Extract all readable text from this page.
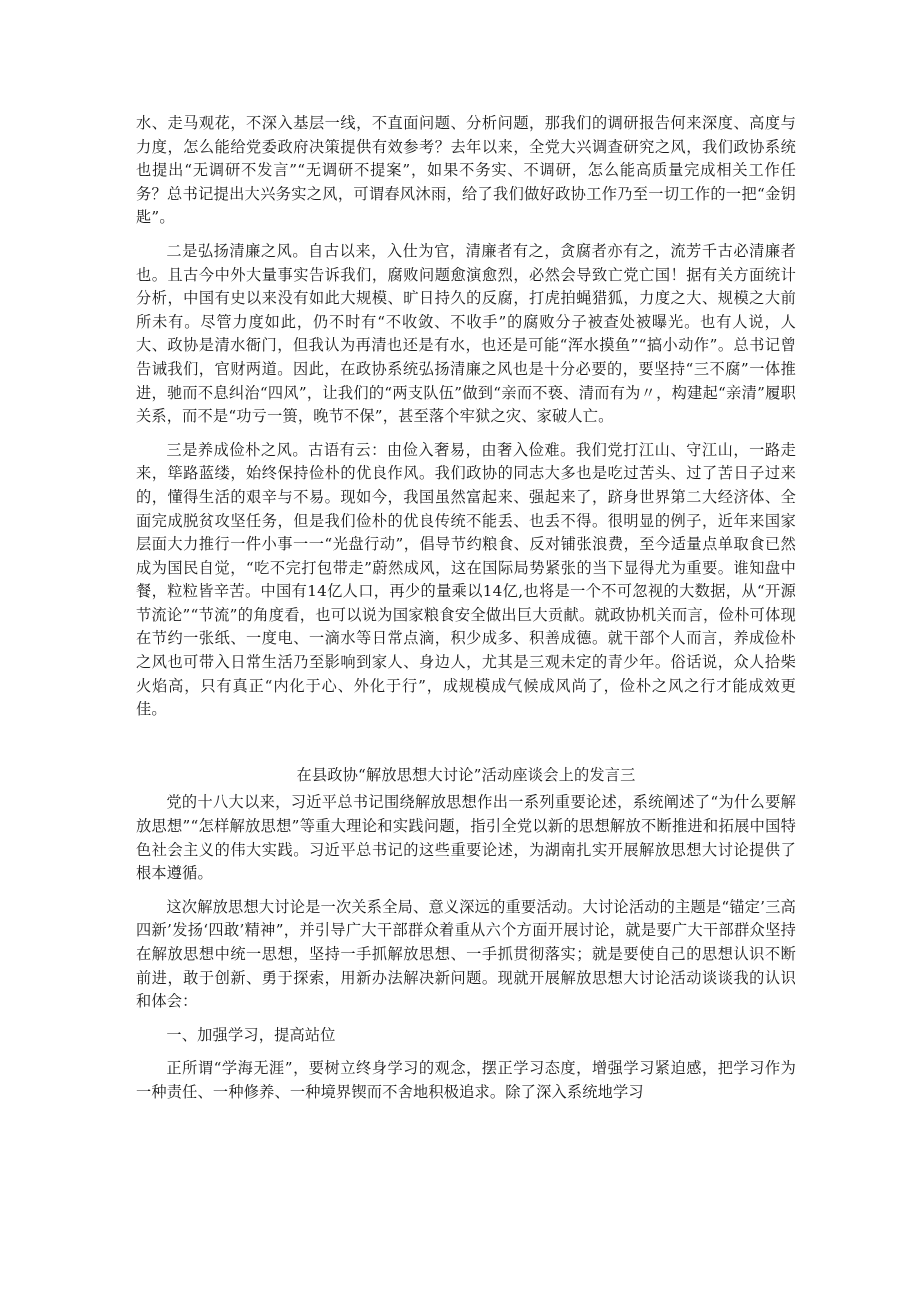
水、走马观花，不深入基层一线，不直面问题、分析问题，那我们的调研报告何来深度、高度与力度，怎么能给党委政府决策提供有效参考？去年以来，全党大兴调查研究之风，我们政协系统也提出“无调研不发言”“无调研不提案”，如果不务实、不调研，怎么能高质量完成相关工作任务？总书记提出大兴务实之风，可谓春风沐雨，给了我们做好政协工作乃至一切工作的一把“金钥匙”。

二是弘扬清廉之风。自古以来，入仕为官，清廉者有之，贪腐者亦有之，流芳千古必清廉者也。且古今中外大量事实告诉我们，腐败问题愈演愈烈，必然会导致亡党亡国！据有关方面统计分析，中国有史以来没有如此大规模、旷日持久的反腐，打虎拍蝇猎狐，力度之大、规模之大前所未有。尽管力度如此，仍不时有“不收敛、不收手”的腐败分子被查处被曝光。也有人说，人大、政协是清水衙门，但我认为再清也还是有水，也还是可能“浑水摸鱼”“搞小动作”。总书记曾告诫我们，官财两道。因此，在政协系统弘扬清廉之风也是十分必要的，要坚持“三不腐”一体推进，驰而不息纠治“四风”，让我们的“两支队伍”做到“亲而不亵、清而有为〃，构建起“亲清”履职关系，而不是“功亏一篑，晚节不保”，甚至落个牢狱之灾、家破人亡。

三是养成俭朴之风。古语有云：由俭入奢易，由奢入俭难。我们党打江山、守江山，一路走来，筚路蓝缕，始终保持俭朴的优良作风。我们政协的同志大多也是吃过苦头、过了苦日子过来的，懂得生活的艰辛与不易。现如今，我国虽然富起来、强起来了，跻身世界第二大经济体、全面完成脱贫攻坚任务，但是我们俭朴的优良传统不能丢、也丢不得。很明显的例子，近年来国家层面大力推行一件小事一一“光盘行动”，倡导节约粮食、反对铺张浪费，至今适量点单取食已然成为国民自觉，“吃不完打包带走”蔚然成风，这在国际局势紧张的当下显得尤为重要。谁知盘中餐，粒粒皆辛苦。中国有14亿人口，再少的量乘以14亿,也将是一个不可忽视的大数据，从“开源节流论”“节流”的角度看，也可以说为国家粮食安全做出巨大贡献。就政协机关而言，俭朴可体现在节约一张纸、一度电、一滴水等日常点滴，积少成多、积善成德。就干部个人而言，养成俭朴之风也可带入日常生活乃至影响到家人、身边人，尤其是三观未定的青少年。俗话说，众人拾柴火焰高，只有真正“内化于心、外化于行”，成规模成气候成风尚了，俭朴之风之行才能成效更佳。

在县政协“解放思想大讨论”活动座谈会上的发言三

党的十八大以来，习近平总书记围绕解放思想作出一系列重要论述，系统阐述了“为什么要解放思想”“怎样解放思想”等重大理论和实践问题，指引全党以新的思想解放不断推进和拓展中国特色社会主义的伟大实践。习近平总书记的这些重要论述，为湖南扎实开展解放思想大讨论提供了根本遵循。

这次解放思想大讨论是一次关系全局、意义深远的重要活动。大讨论活动的主题是“锚定’三高四新’发扬‘四敢’精神”，并引导广大干部群众着重从六个方面开展讨论，就是要广大干部群众坚持在解放思想中统一思想，坚持一手抓解放思想、一手抓贯彻落实；就是要使自己的思想认识不断前进，敢于创新、勇于探索，用新办法解决新问题。现就开展解放思想大讨论活动谈谈我的认识和体会：

一、加强学习，提高站位

正所谓“学海无涯”，要树立终身学习的观念，摆正学习态度，增强学习紧迫感，把学习作为一种责任、一种修养、一种境界锲而不舍地积极追求。除了深入系统地学习
